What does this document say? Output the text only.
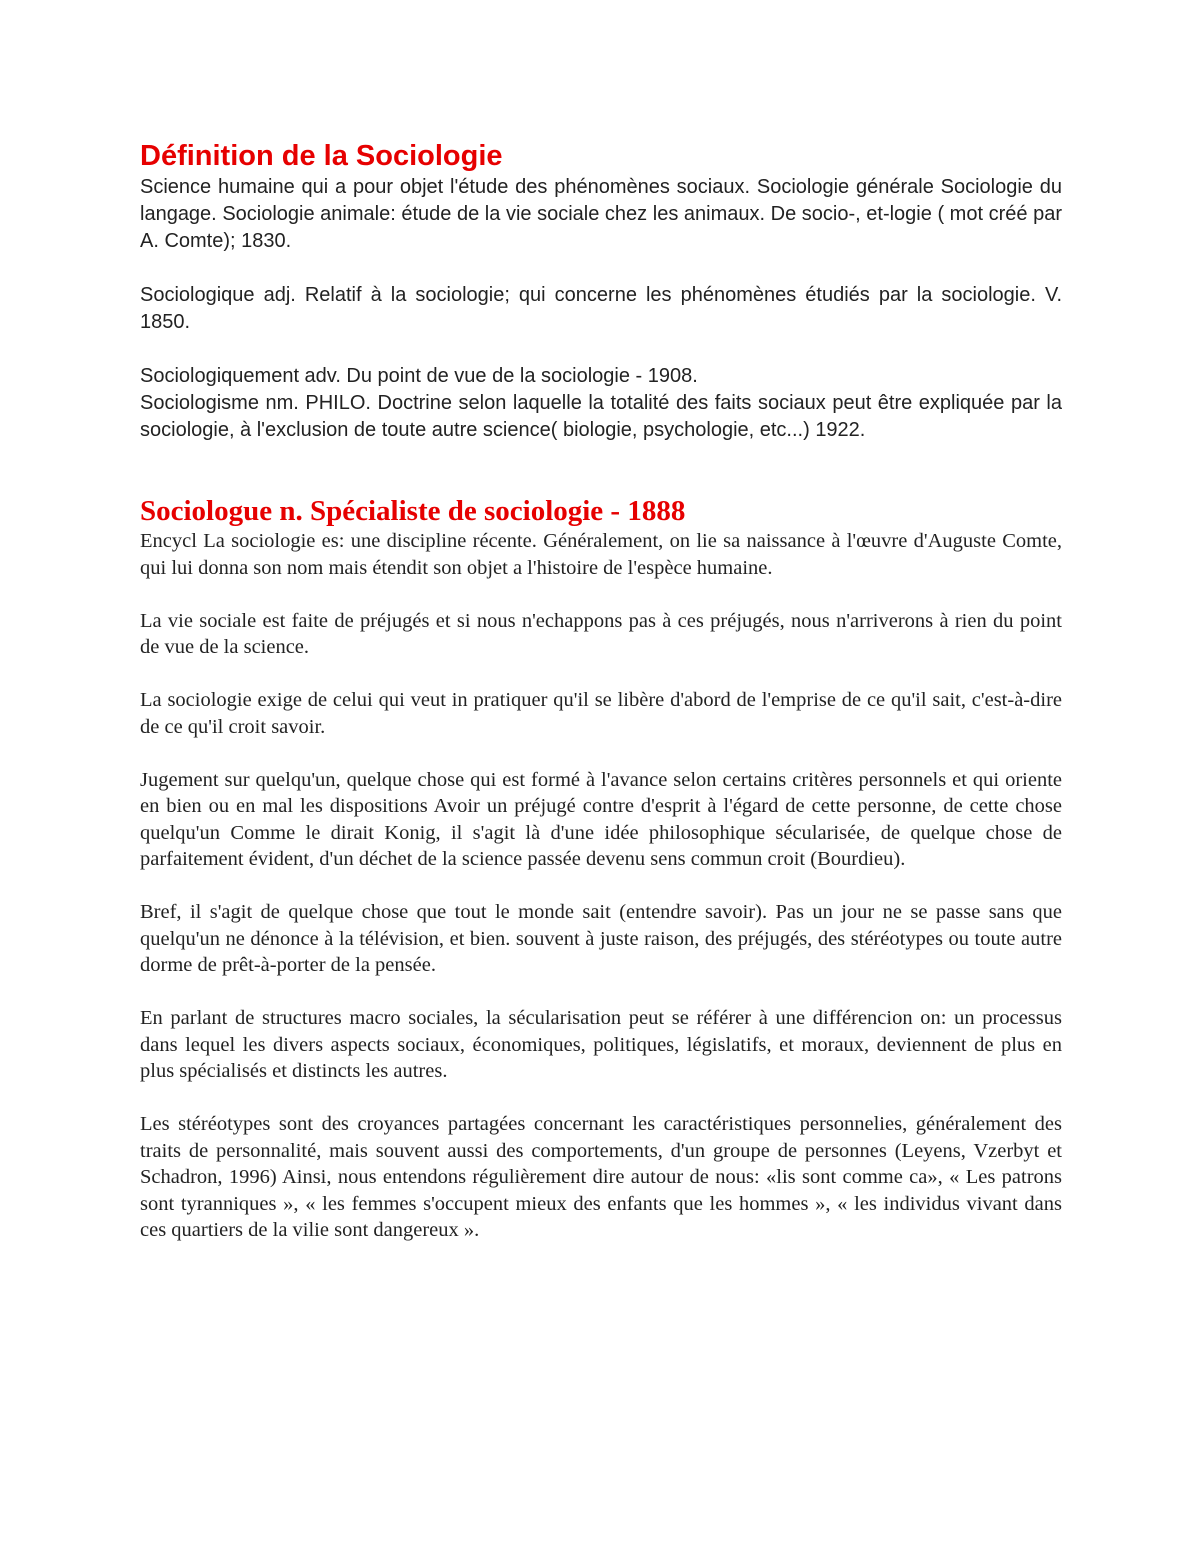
Définition de la Sociologie

Science humaine qui a pour objet l'étude des phénomènes sociaux. Sociologie générale Sociologie du langage. Sociologie animale: étude de la vie sociale chez les animaux. De socio-, et-logie ( mot créé par A. Comte); 1830.

Sociologique adj. Relatif à la sociologie; qui concerne les phénomènes étudiés par la sociologie. V. 1850.

Sociologiquement adv. Du point de vue de la sociologie - 1908.

Sociologisme nm. PHILO. Doctrine selon laquelle la totalité des faits sociaux peut être expliquée par la sociologie, à l'exclusion de toute autre science( biologie, psychologie, etc...) 1922.

Sociologue n. Spécialiste de sociologie - 1888

Encycl La sociologie es: une discipline récente. Généralement, on lie sa naissance à l'œuvre d'Auguste Comte, qui lui donna son nom mais étendit son objet a l'histoire de l'espèce humaine.

La vie sociale est faite de préjugés et si nous n'echappons pas à ces préjugés, nous n'arriverons à rien du point de vue de la science.

La sociologie exige de celui qui veut in pratiquer qu'il se libère d'abord de l'emprise de ce qu'il sait, c'est-à-dire de ce qu'il croit savoir.

Jugement sur quelqu'un, quelque chose qui est formé à l'avance selon certains critères personnels et qui oriente en bien ou en mal les dispositions Avoir un préjugé contre d'esprit à l'égard de cette personne, de cette chose quelqu'un Comme le dirait Konig, il s'agit là d'une idée philosophique sécularisée, de quelque chose de parfaitement évident, d'un déchet de la science passée devenu sens commun croit (Bourdieu).

Bref, il s'agit de quelque chose que tout le monde sait (entendre savoir). Pas un jour ne se passe sans que quelqu'un ne dénonce à la télévision, et bien. souvent à juste raison, des préjugés, des stéréotypes ou toute autre dorme de prêt-à-porter de la pensée.

En parlant de structures macro sociales, la sécularisation peut se référer à une différencion on: un processus dans lequel les divers aspects sociaux, économiques, politiques, législatifs, et moraux, deviennent de plus en plus spécialisés et distincts les autres.

Les stéréotypes sont des croyances partagées concernant les caractéristiques personnelies, généralement des traits de personnalité, mais souvent aussi des comportements, d'un groupe de personnes (Leyens, Vzerbyt et Schadron, 1996) Ainsi, nous entendons régulièrement dire autour de nous: «lis sont comme ca», « Les patrons sont tyranniques », « les femmes s'occupent mieux des enfants que les hommes », « les individus vivant dans ces quartiers de la vilie sont dangereux ».
